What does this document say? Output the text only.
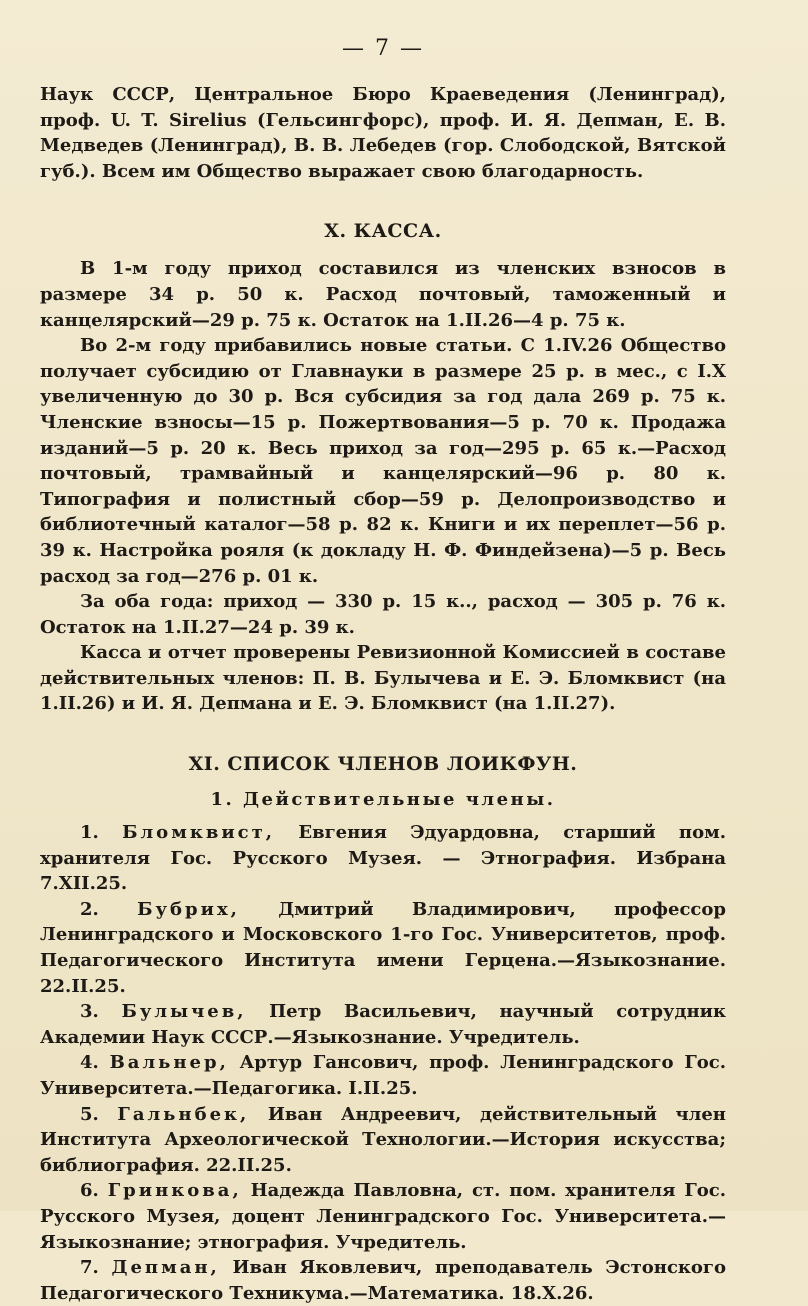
— 7 —

Наук СССР, Центральное Бюро Краеведения (Ленинград), проф. U. T. Sirelius (Гельсингфорс), проф. И. Я. Депман, Е. В. Медведев (Ленинград), В. В. Лебедев (гор. Слободской, Вятской губ.). Всем им Общество выражает свою благодарность.

X. КАССА.

В 1-м году приход составился из членских взносов в размере 34 р. 50 к. Расход почтовый, таможенный и канцелярский—29 р. 75 к. Остаток на 1.II.26—4 р. 75 к.

Во 2-м году прибавились новые статьи. С 1.IV.26 Общество получает субсидию от Главнауки в размере 25 р. в мес., с I.X увеличенную до 30 р. Вся субсидия за год дала 269 р. 75 к. Членские взносы—15 р. Пожертвования—5 р. 70 к. Продажа изданий—5 р. 20 к. Весь приход за год—295 р. 65 к.—Расход почтовый, трамвайный и канцелярский—96 р. 80 к. Типография и полистный сбор—59 р. Делопроизводство и библиотечный каталог—58 р. 82 к. Книги и их переплет—56 р. 39 к. Настройка рояля (к докладу Н. Ф. Финдейзена)—5 р. Весь расход за год—276 р. 01 к.

За оба года: приход — 330 р. 15 к.., расход — 305 р. 76 к. Остаток на 1.II.27—24 р. 39 к.

Касса и отчет проверены Ревизионной Комиссией в составе действительных членов: П. В. Булычева и Е. Э. Бломквист (на 1.II.26) и И. Я. Депмана и Е. Э. Бломквист (на 1.II.27).

XI. СПИСОК ЧЛЕНОВ ЛОИКФУН.
1. Действительные члены.

1. Бломквист, Евгения Эдуардовна, старший пом. хранителя Гос. Русского Музея. — Этнография. Избрана 7.XII.25.

2. Бубрих, Дмитрий Владимирович, профессор Ленинградского и Московского 1-го Гос. Университетов, проф. Педагогического Института имени Герцена.—Языкознание. 22.II.25.

3. Булычев, Петр Васильевич, научный сотрудник Академии Наук СССР.—Языкознание. Учредитель.

4. Вальнер, Артур Гансович, проф. Ленинградского Гос. Университета.—Педагогика. I.II.25.

5. Гальнбек, Иван Андреевич, действительный член Института Археологической Технологии.—История искусства; библиография. 22.II.25.

6. Гринкова, Надежда Павловна, ст. пом. хранителя Гос. Русского Музея, доцент Ленинградского Гос. Университета.—Языкознание; этнография. Учредитель.

7. Депман, Иван Яковлевич, преподаватель Эстонского Педагогического Техникума.—Математика. 18.X.26.
